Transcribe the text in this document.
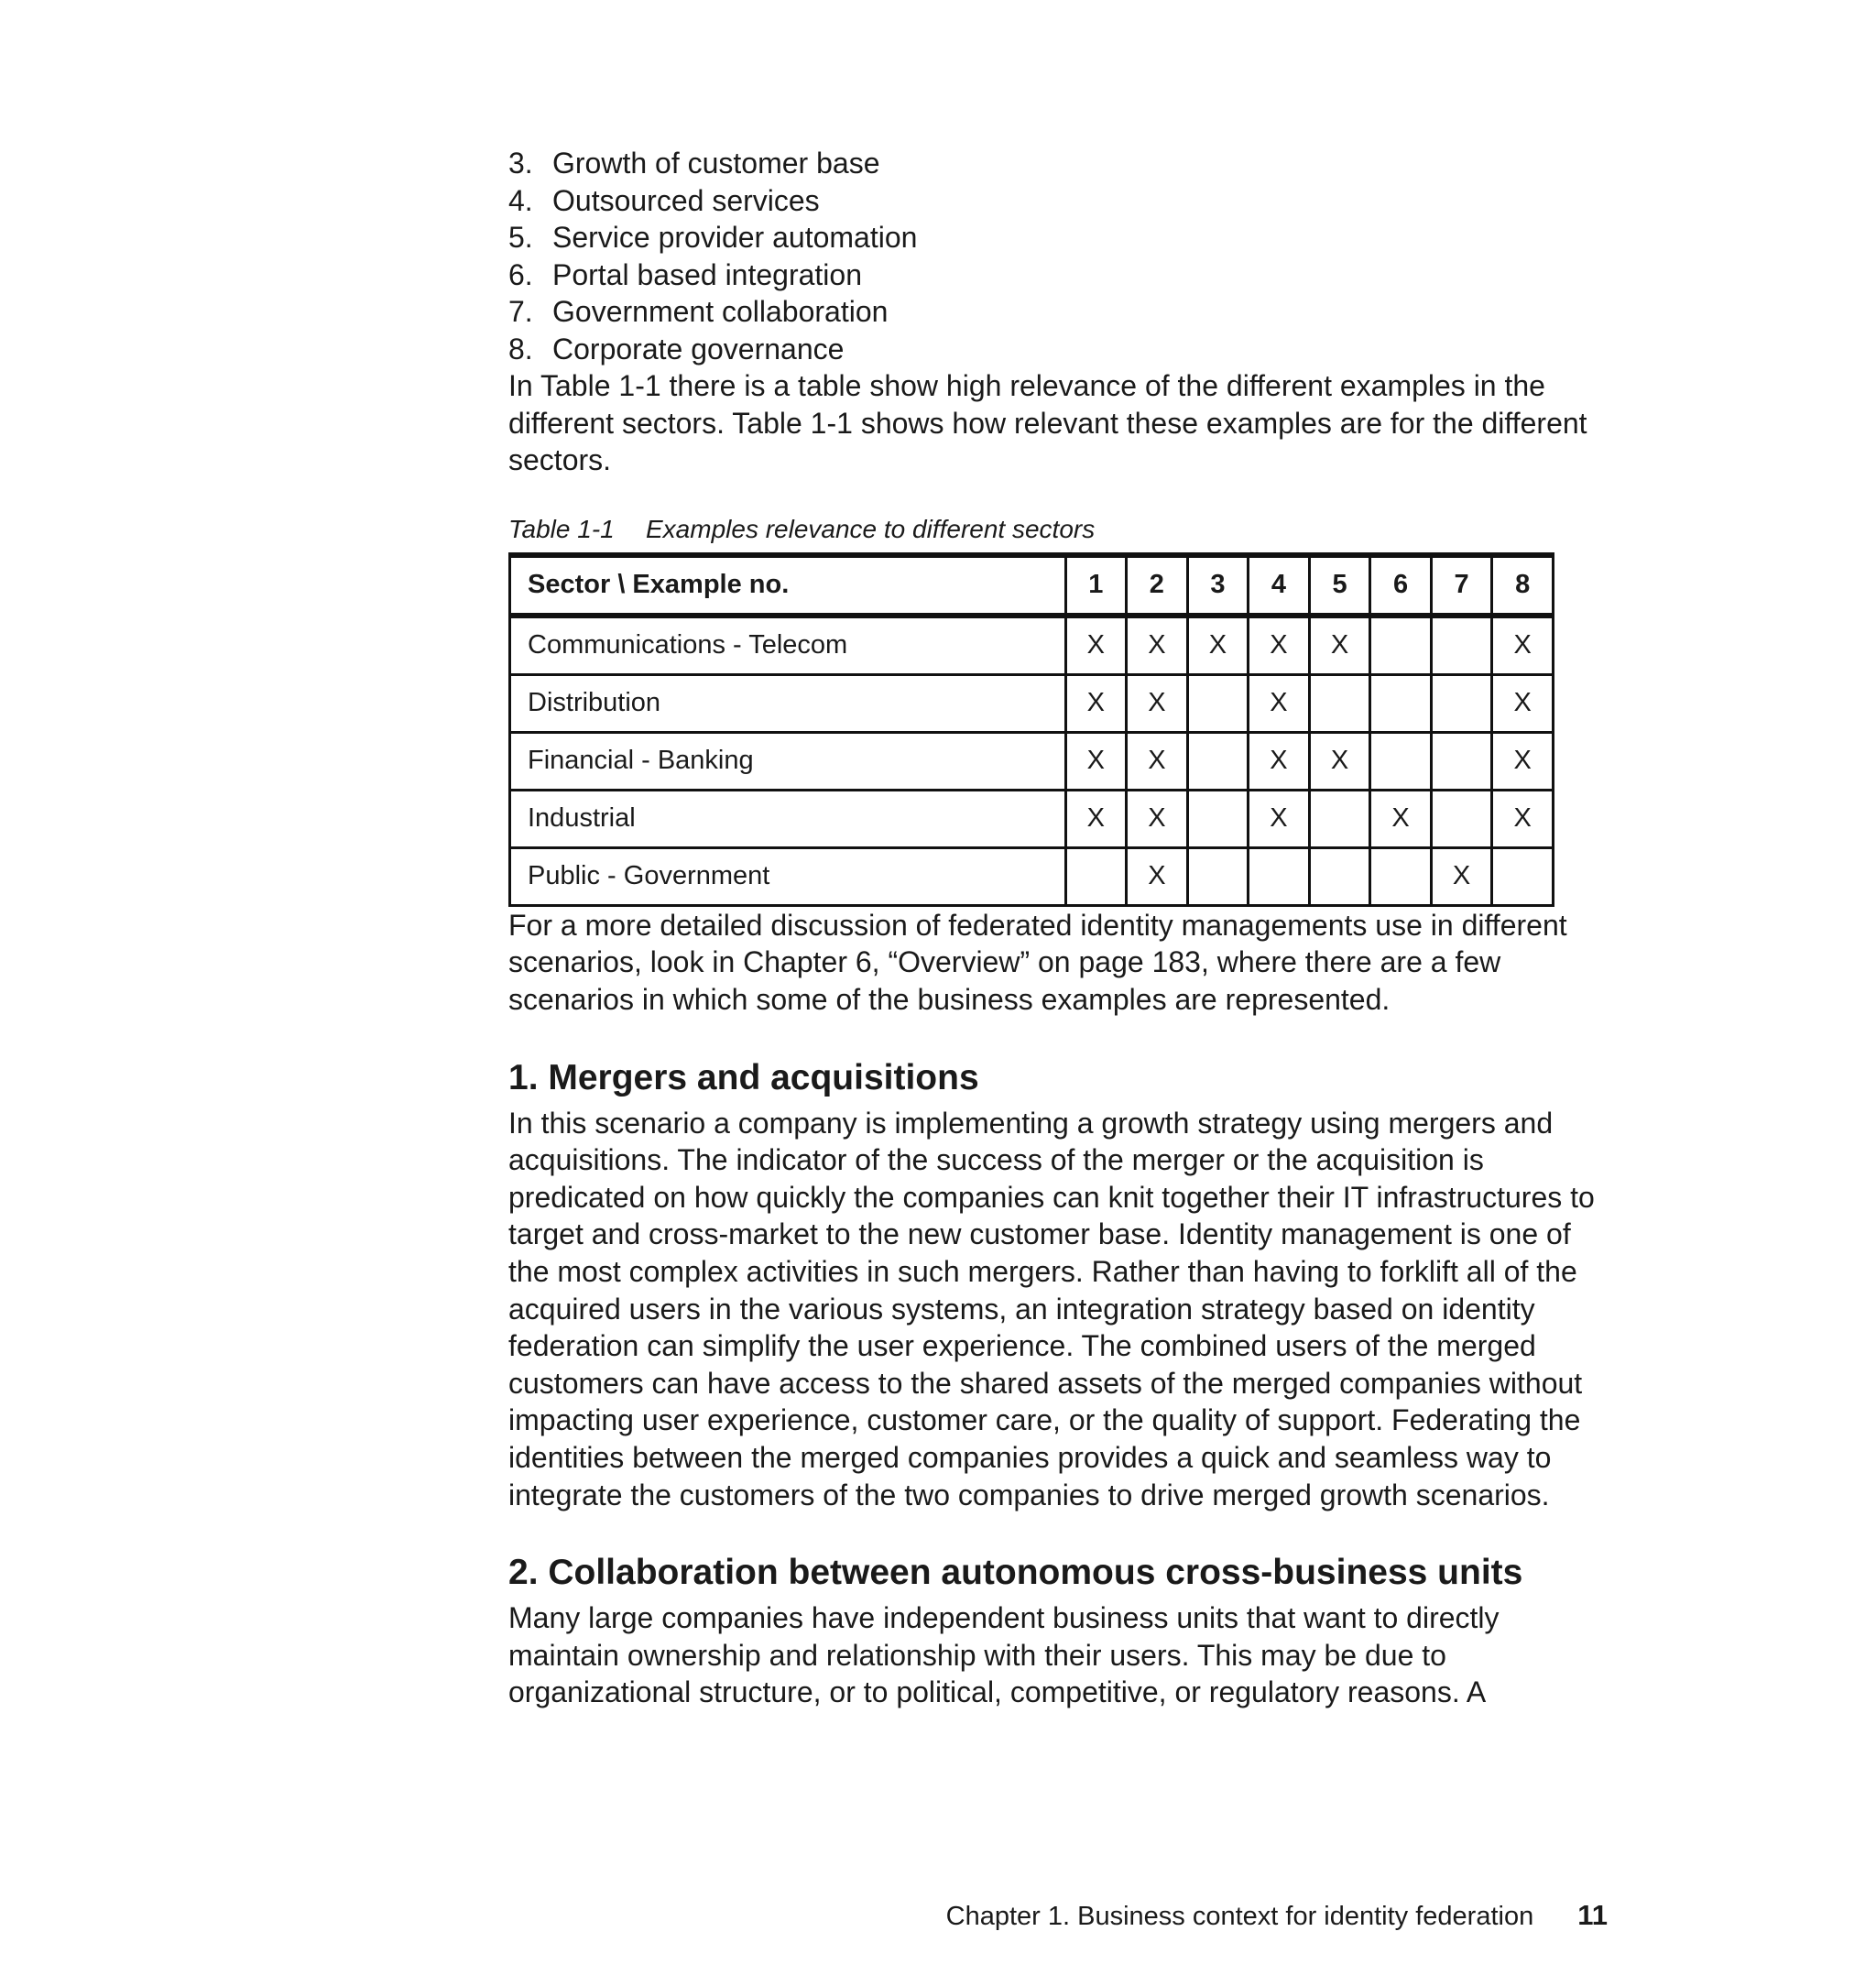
3. Growth of customer base
4. Outsourced services
5. Service provider automation
6. Portal based integration
7. Government collaboration
8. Corporate governance

In Table 1-1 there is a table show high relevance of the different examples in the different sectors. Table 1-1 shows how relevant these examples are for the different sectors.

Table 1-1 Examples relevance to different sectors
Sector \ Example no.	1	2	3	4	5	6	7	8
Communications - Telecom	X	X	X	X	X			X
Distribution	X	X		X				X
Financial - Banking	X	X		X	X			X
Industrial	X	X		X		X		X
Public - Government		X					X	

For a more detailed discussion of federated identity managements use in different scenarios, look in Chapter 6, “Overview” on page 183, where there are a few scenarios in which some of the business examples are represented.

1. Mergers and acquisitions

In this scenario a company is implementing a growth strategy using mergers and acquisitions. The indicator of the success of the merger or the acquisition is predicated on how quickly the companies can knit together their IT infrastructures to target and cross-market to the new customer base. Identity management is one of the most complex activities in such mergers. Rather than having to forklift all of the acquired users in the various systems, an integration strategy based on identity federation can simplify the user experience. The combined users of the merged customers can have access to the shared assets of the merged companies without impacting user experience, customer care, or the quality of support. Federating the identities between the merged companies provides a quick and seamless way to integrate the customers of the two companies to drive merged growth scenarios.

2. Collaboration between autonomous cross-business units

Many large companies have independent business units that want to directly maintain ownership and relationship with their users. This may be due to organizational structure, or to political, competitive, or regulatory reasons. A

Chapter 1. Business context for identity federation 11
